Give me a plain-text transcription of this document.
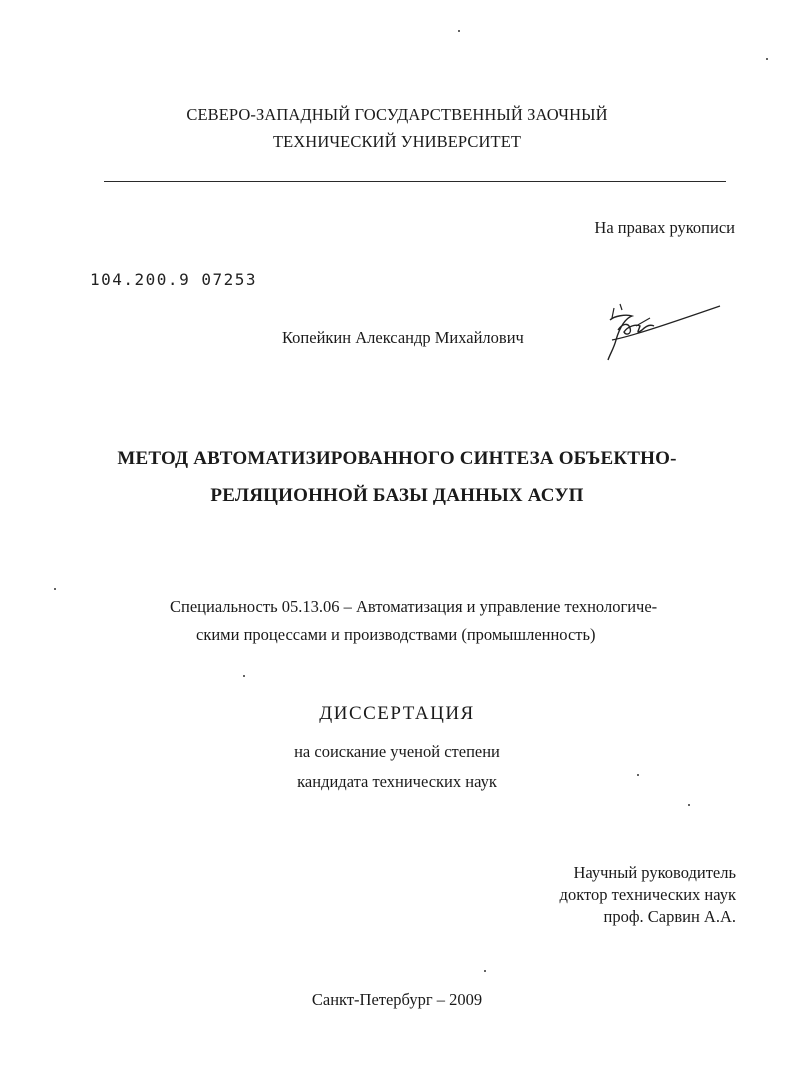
СЕВЕРО-ЗАПАДНЫЙ ГОСУДАРСТВЕННЫЙ ЗАОЧНЫЙ
ТЕХНИЧЕСКИЙ УНИВЕРСИТЕТ
На правах рукописи
104.200.9 07253
Копейкин Александр Михайлович
МЕТОД АВТОМАТИЗИРОВАННОГО СИНТЕЗА ОБЪЕКТНО-
РЕЛЯЦИОННОЙ БАЗЫ ДАННЫХ АСУП
Специальность 05.13.06 – Автоматизация и управление технологиче-
скими процессами и производствами (промышленность)
ДИССЕРТАЦИЯ
на соискание ученой степени
кандидата технических наук
Научный руководитель
доктор технических наук
проф. Сарвин А.А.
Санкт-Петербург – 2009
